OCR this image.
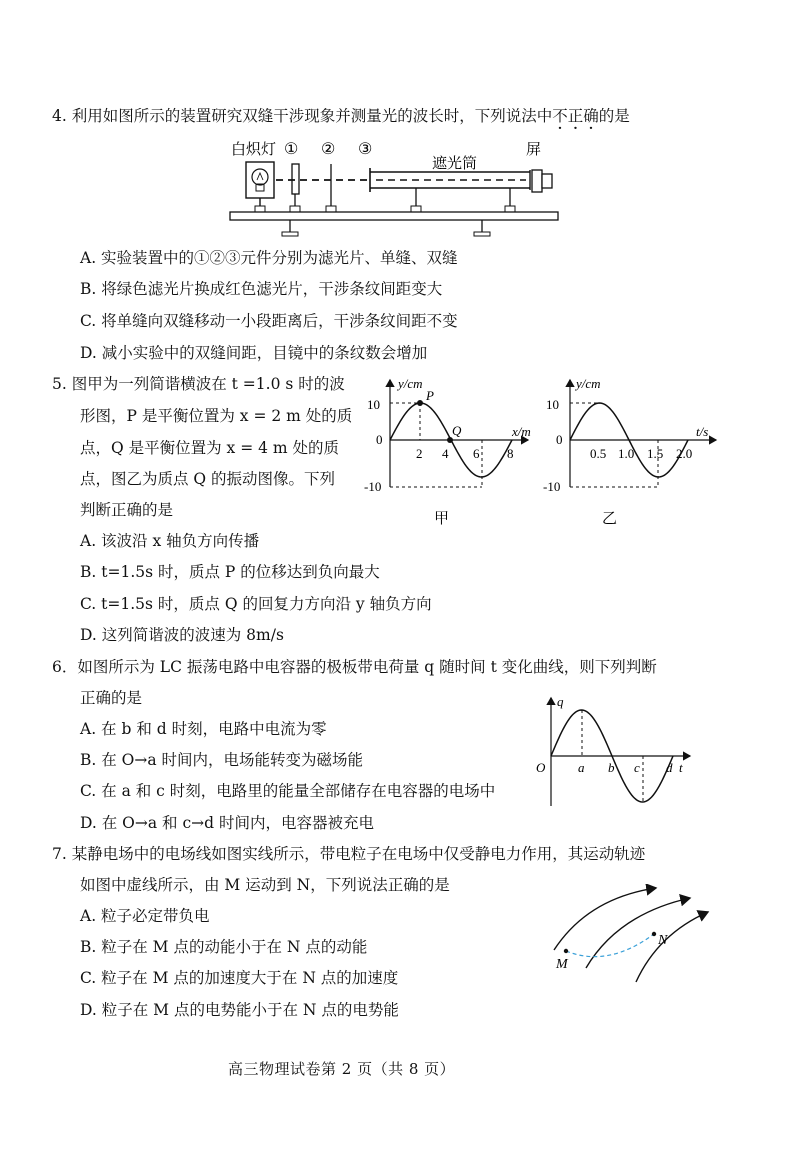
4. 利用如图所示的装置研究双缝干涉现象并测量光的波长时，下列说法中不正确的是
白炽灯 ① ② ③
遮光筒
屏
A. 实验装置中的①②③元件分别为滤光片、单缝、双缝
B. 将绿色滤光片换成红色滤光片，干涉条纹间距变大
C. 将单缝向双缝移动一小段距离后，干涉条纹间距不变
D. 减小实验中的双缝间距，目镜中的条纹数会增加
5. 图甲为一列简谐横波在 t =1.0 s 时的波
形图，P 是平衡位置为 x = 2 m 处的质
点，Q 是平衡位置为 x = 4 m 处的质
点，图乙为质点 Q 的振动图像。下列
判断正确的是
y/cm
x/m
10
0
-10
2 4 6 8
P
Q
甲
y/cm
t/s
10
0
-10
0.5 1.0 1.5 2.0
乙
A. 该波沿 x 轴负方向传播
B. t=1.5s 时，质点 P 的位移达到负向最大
C. t=1.5s 时，质点 Q 的回复力方向沿 y 轴负方向
D. 这列简谐波的波速为 8m/s
6．如图所示为 LC 振荡电路中电容器的极板带电荷量 q 随时间 t 变化曲线，则下列判断
正确的是	q
t
O	a b c d
A. 在 b 和 d 时刻，电路中电流为零
B. 在 O→a 时间内，电场能转变为磁场能
C. 在 a 和 c 时刻，电路里的能量全部储存在电容器的电场中
D. 在 O→a 和 c→d 时间内，电容器被充电
7. 某静电场中的电场线如图实线所示，带电粒子在电场中仅受静电力作用，其运动轨迹
如图中虚线所示，由 M 运动到 N，下列说法正确的是
M
N
A. 粒子必定带负电
B. 粒子在 M 点的动能小于在 N 点的动能
C. 粒子在 M 点的加速度大于在 N 点的加速度
D. 粒子在 M 点的电势能小于在 N 点的电势能
高三物理试卷第 2 页（共 8 页）
